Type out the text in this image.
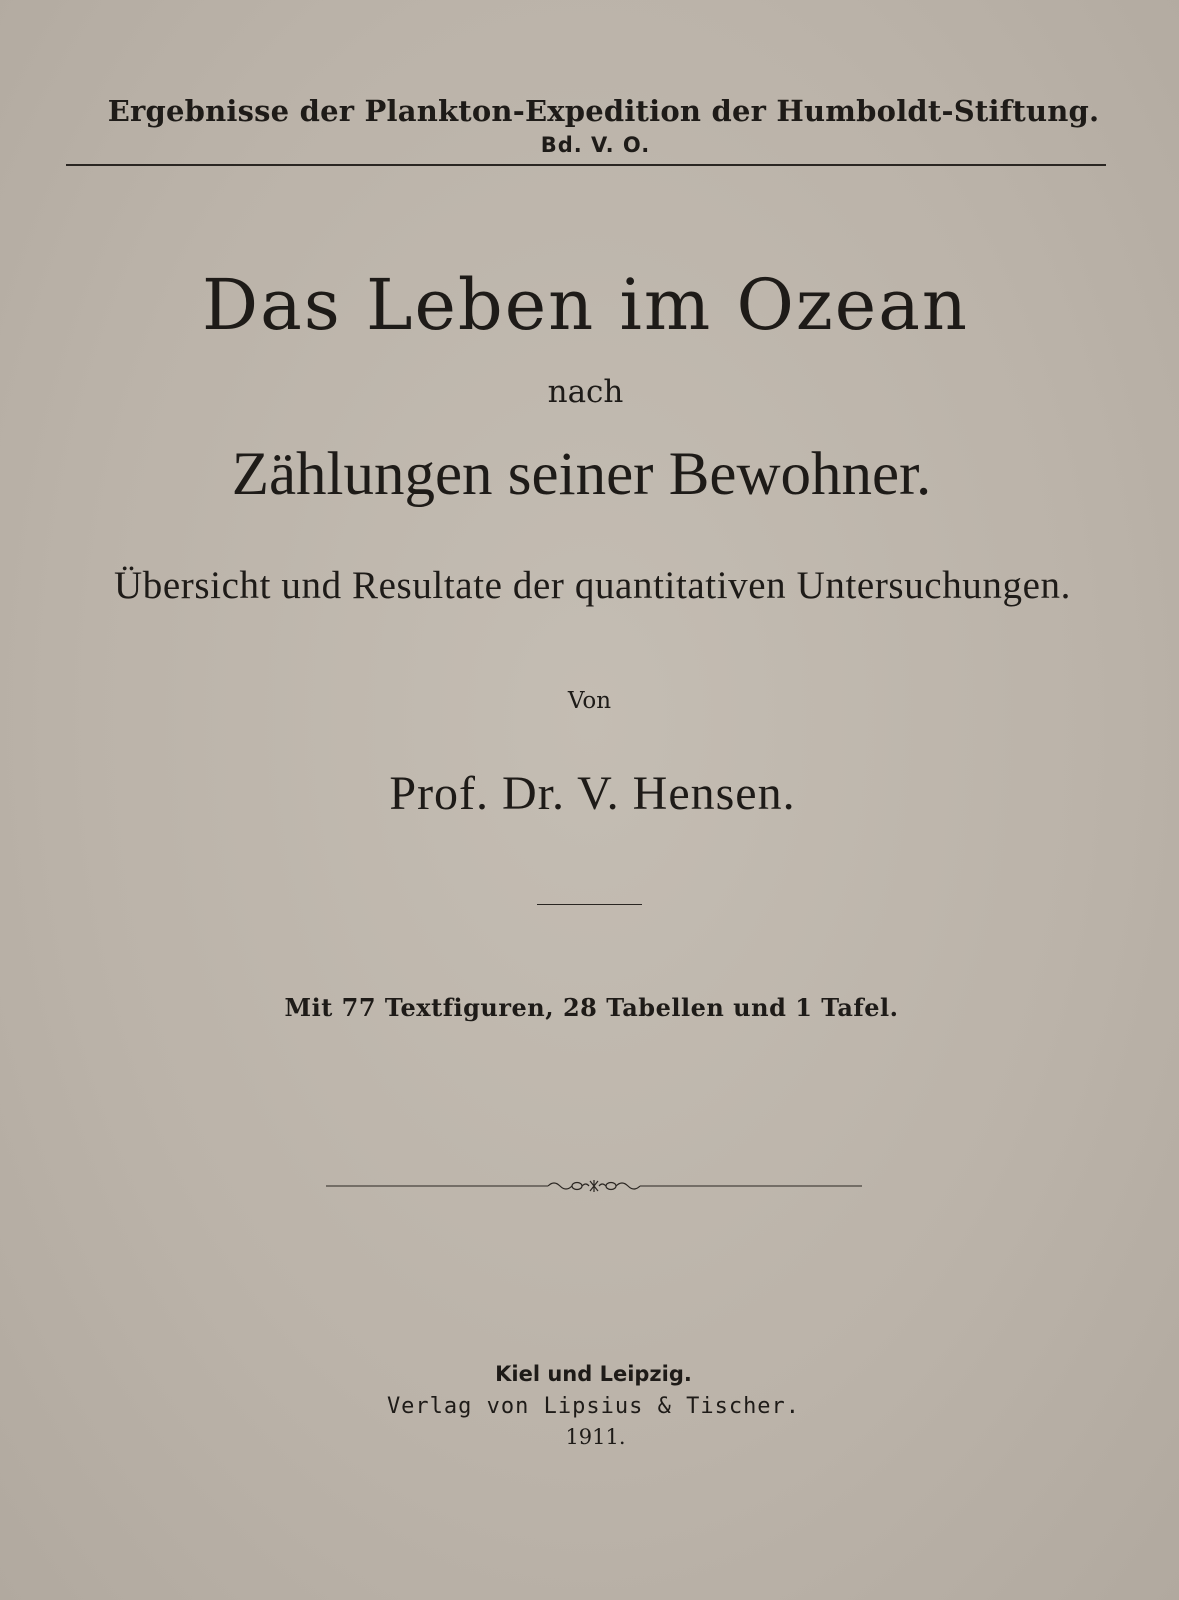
Ergebnisse der Plankton-Expedition der Humboldt-Stiftung.
Bd. V. O.
Das Leben im Ozean
nach
Zählungen seiner Bewohner.
Übersicht und Resultate der quantitativen Untersuchungen.
Von
Prof. Dr. V. Hensen.
Mit 77 Textfiguren, 28 Tabellen und 1 Tafel.
Kiel und Leipzig.
Verlag von Lipsius & Tischer.
1911.
